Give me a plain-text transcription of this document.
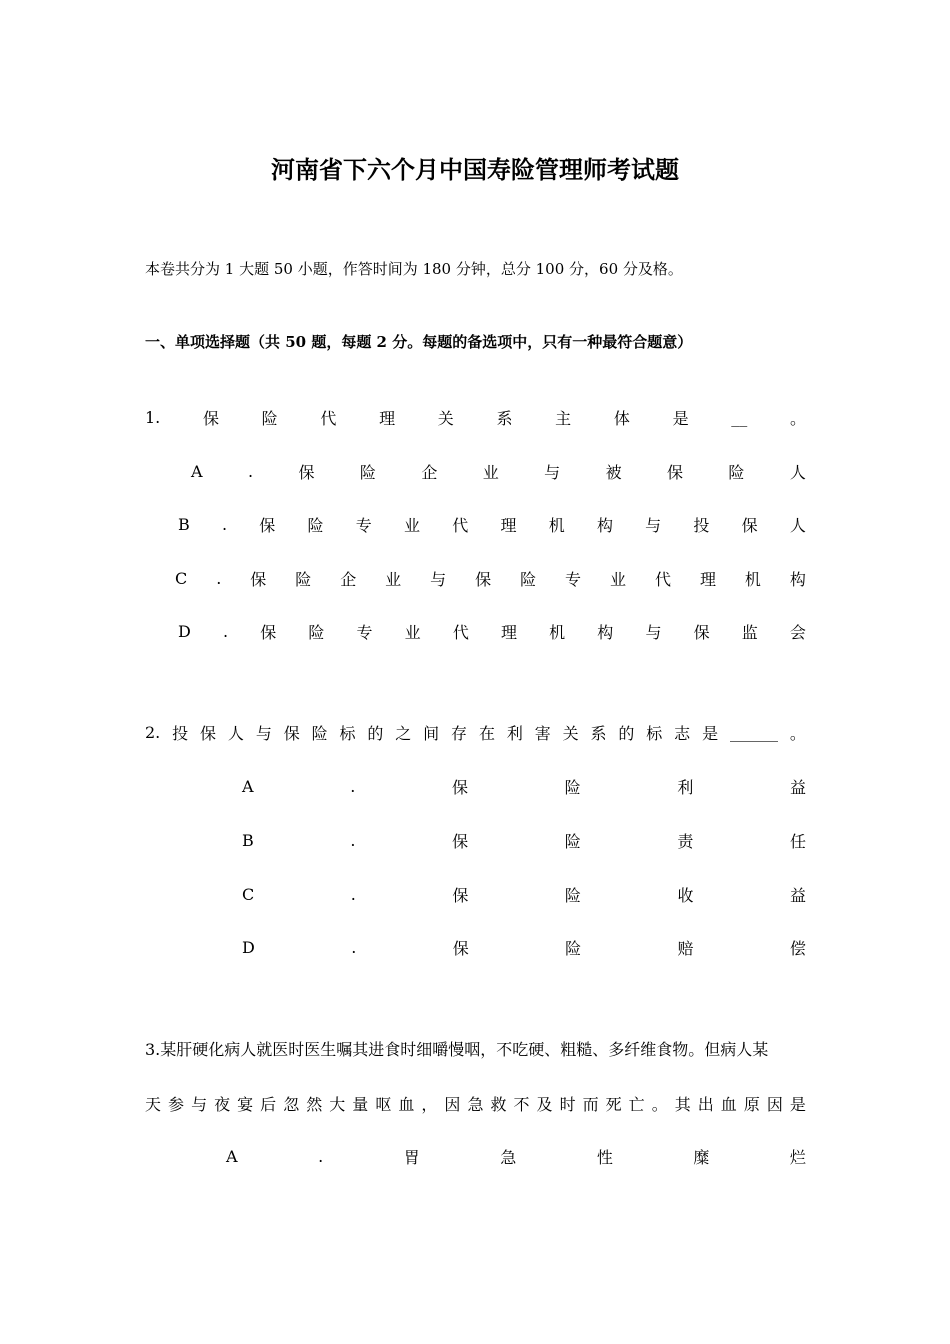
河南省下六个月中国寿险管理师考试题
本卷共分为 1 大题 50 小题，作答时间为 180 分钟，总分 100 分，60 分及格。
一、单项选择题（共 50 题，每题 2 分。每题的备选项中，只有一种最符合题意）
1.	保	险	代	理	关	系	主	体	是	__	。
A	.	保	险	企	业	与	被	保	险	人
B . 保 险 专 业 代 理 机 构 与 投 保 人
C . 保 险 企 业 与 保 险 专 业 代 理 机 构
D . 保 险 专 业 代 理 机 构 与 保 监 会
2. 投 保 人 与 保 险 标 的 之 间 存 在 利 害 关 系 的 标 志 是 ______ 。
A	.	保	险	利	益
B	.	保	险	责	任
C	.	保	险	收	益
D	.	保	险	赔	偿
3.某肝硬化病人就医时医生嘱其进食时细嚼慢咽，不吃硬、粗糙、多纤维食物。但病人某
天 参 与 夜 宴 后 忽 然 大 量 呕 血 ， 因 急 救 不 及 时 而 死 亡 。 其 出 血 原 因 是
A	.	胃	急	性	糜	烂
